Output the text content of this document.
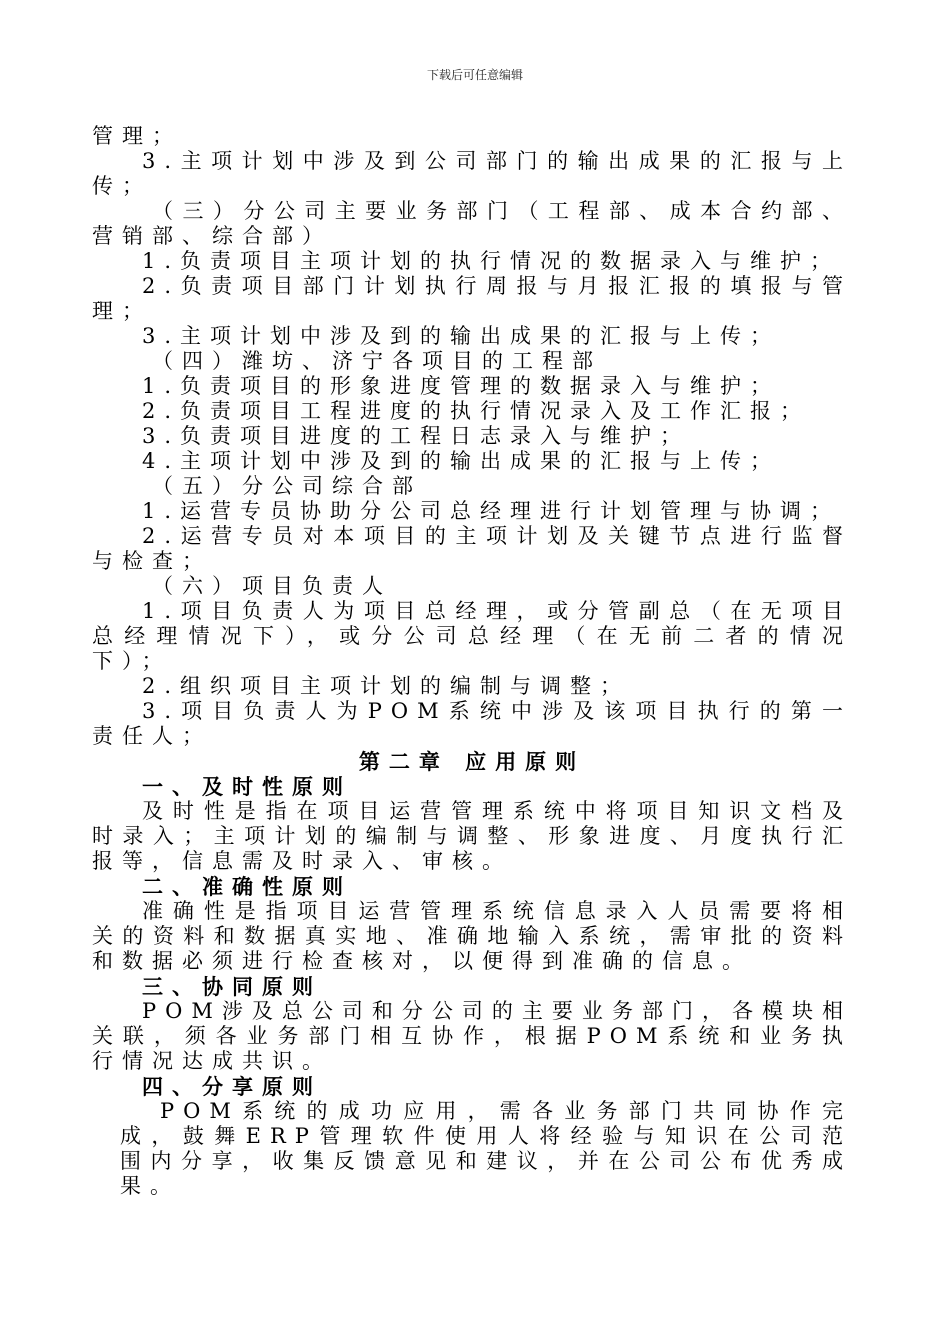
下载后可任意编辑

管理；

3.主项计划中涉及到公司部门的输出成果的汇报与上传；

（三）分公司主要业务部门（工程部、成本合约部、营销部、综合部）

1.负责项目主项计划的执行情况的数据录入与维护；

2.负责项目部门计划执行周报与月报汇报的填报与管理；

3.主项计划中涉及到的输出成果的汇报与上传；

（四）潍坊、济宁各项目的工程部

1.负责项目的形象进度管理的数据录入与维护；

2.负责项目工程进度的执行情况录入及工作汇报；

3.负责项目进度的工程日志录入与维护；

4.主项计划中涉及到的输出成果的汇报与上传；

（五）分公司综合部

1.运营专员协助分公司总经理进行计划管理与协调；

2.运营专员对本项目的主项计划及关键节点进行监督与检查；

（六）项目负责人

1.项目负责人为项目总经理，或分管副总（在无项目总经理情况下），或分公司总经理（在无前二者的情况下）；

2.组织项目主项计划的编制与调整；

3.项目负责人为POM系统中涉及该项目执行的第一责任人；

第二章 应用原则

一、及时性原则

及时性是指在项目运营管理系统中将项目知识文档及时录入；主项计划的编制与调整、形象进度、月度执行汇报等，信息需及时录入、审核。

二、准确性原则

准确性是指项目运营管理系统信息录入人员需要将相关的资料和数据真实地、准确地输入系统，需审批的资料和数据必须进行检查核对，以便得到准确的信息。

三、协同原则

POM涉及总公司和分公司的主要业务部门，各模块相关联，须各业务部门相互协作，根据POM系统和业务执行情况达成共识。

四、分享原则

POM系统的成功应用，需各业务部门共同协作完成，鼓舞ERP管理软件使用人将经验与知识在公司范围内分享，收集反馈意见和建议，并在公司公布优秀成果。
